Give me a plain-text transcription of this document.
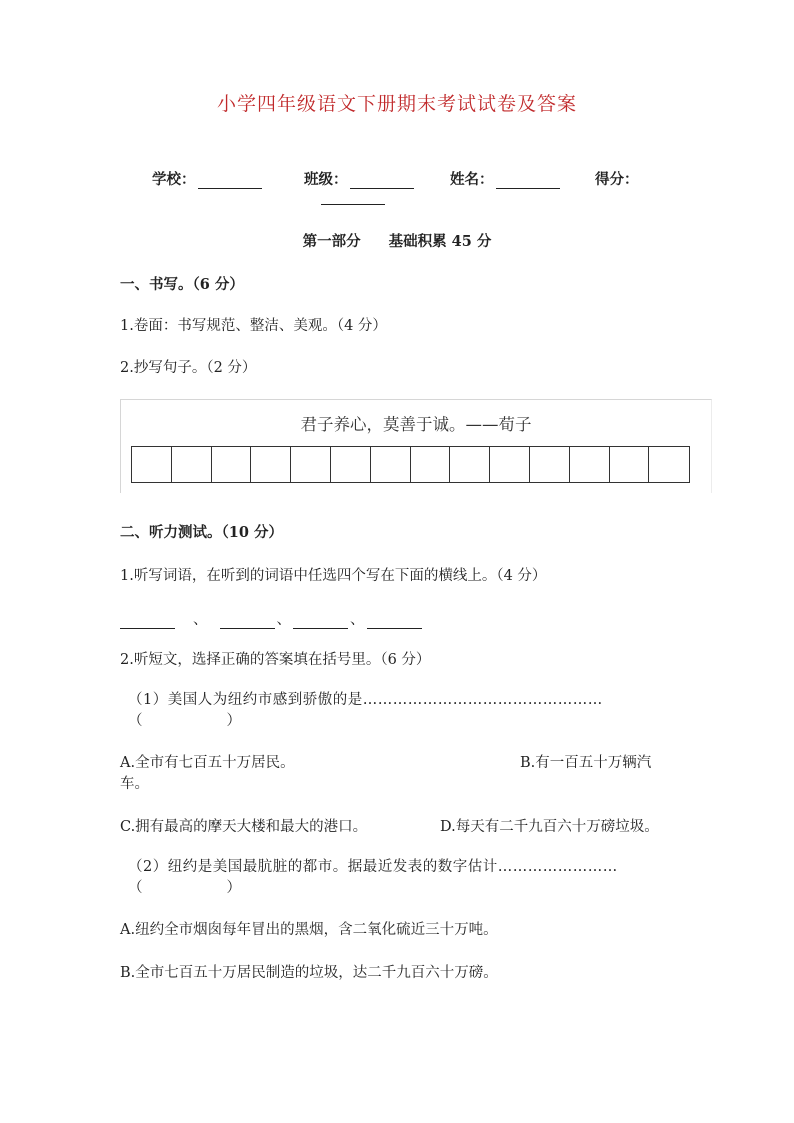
小学四年级语文下册期末考试试卷及答案
学校：	班级：	姓名：	得分：
第一部分 基础积累 45 分
一、书写。（6 分）
1.卷面：书写规范、整洁、美观。（4 分）
2.抄写句子。（2 分）
君子养心，莫善于诚。——荀子
二、听力测试。（10 分）
1.听写词语，在听到的词语中任选四个写在下面的横线上。（4 分）
、	、	、
2.听短文，选择正确的答案填在括号里。（6 分）
（1）美国人为纽约市感到骄傲的是…………………………………………
（	）
A.全市有七百五十万居民。	B.有一百五十万辆汽
车。
C.拥有最高的摩天大楼和最大的港口。	D.每天有二千九百六十万磅垃圾。
（2）纽约是美国最肮脏的都市。据最近发表的数字估计……………………
（	）
A.纽约全市烟囱每年冒出的黑烟，含二氧化硫近三十万吨。
B.全市七百五十万居民制造的垃圾，达二千九百六十万磅。
